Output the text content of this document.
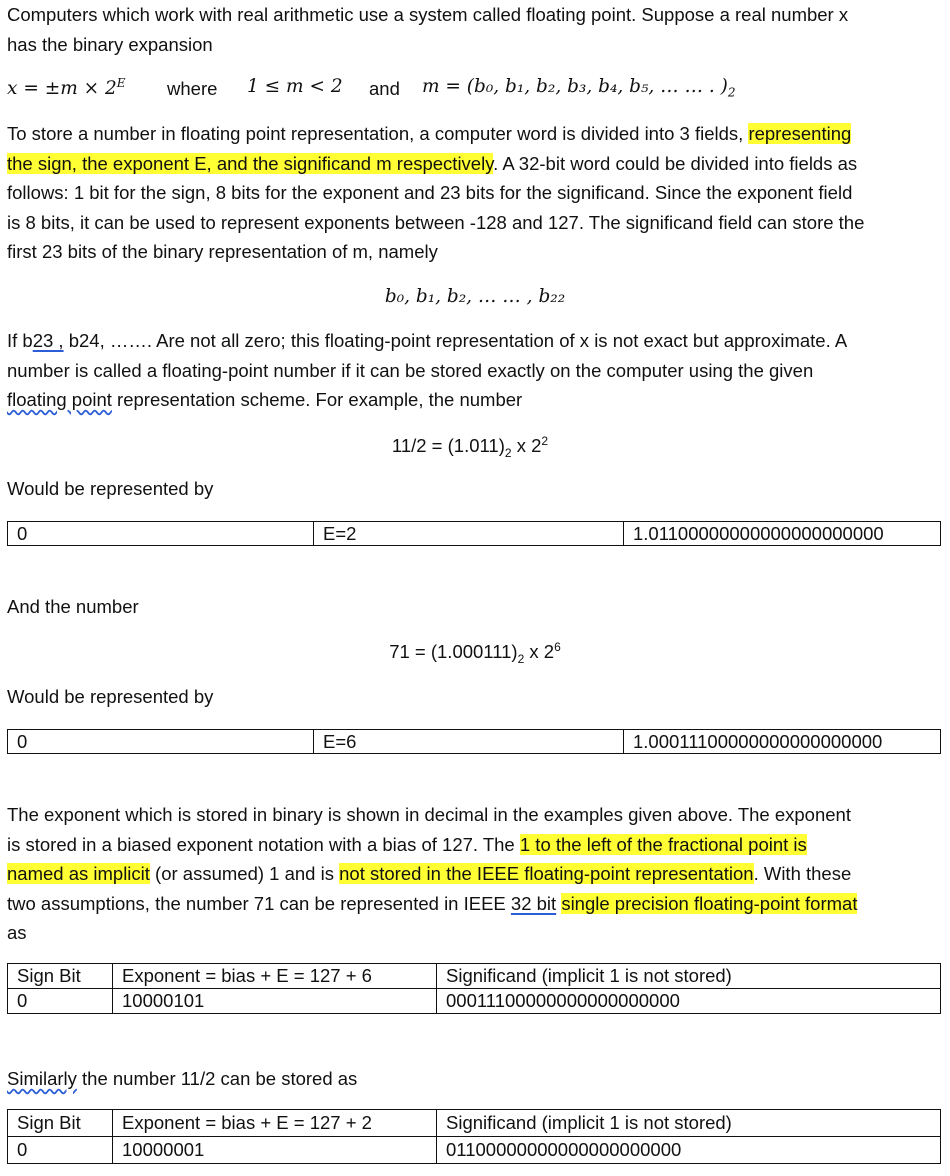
Computers which work with real arithmetic use a system called floating point. Suppose a real number x
has the binary expansion
$x = \pm m \times 2^E$ where 1 ≤ m < 2 and m = (b₀, b₁, b₂, b₃, b₄, b₅, … … . )$_2$
To store a number in floating point representation, a computer word is divided into 3 fields, representing
the sign, the exponent E, and the significand m respectively. A 32-bit word could be divided into fields as
follows: 1 bit for the sign, 8 bits for the exponent and 23 bits for the significand. Since the exponent field
is 8 bits, it can be used to represent exponents between -128 and 127. The significand field can store the
first 23 bits of the binary representation of m, namely
b₀, b₁, b₂, … … , b₂₂
If b23 , b24, ……. Are not all zero; this floating-point representation of x is not exact but approximate. A
number is called a floating-point number if it can be stored exactly on the computer using the given
floating point representation scheme. For example, the number
$11/2 = (1.011)_2$ x $2^2$
Would be represented by
0	E=2	1.01100000000000000000000
And the number
$71 = (1.000111)_2$ x $2^6$
Would be represented by
0	E=6	1.00011100000000000000000
The exponent which is stored in binary is shown in decimal in the examples given above. The exponent
is stored in a biased exponent notation with a bias of 127. The 1 to the left of the fractional point is
named as implicit (or assumed) 1 and is not stored in the IEEE floating-point representation. With these
two assumptions, the number 71 can be represented in IEEE 32 bit single precision floating-point format
as
Sign Bit	Exponent = bias + E = 127 + 6	Significand (implicit 1 is not stored)
0	10000101	00011100000000000000000
Similarly the number 11/2 can be stored as
Sign Bit	Exponent = bias + E = 127 + 2	Significand (implicit 1 is not stored)
0	10000001	01100000000000000000000
